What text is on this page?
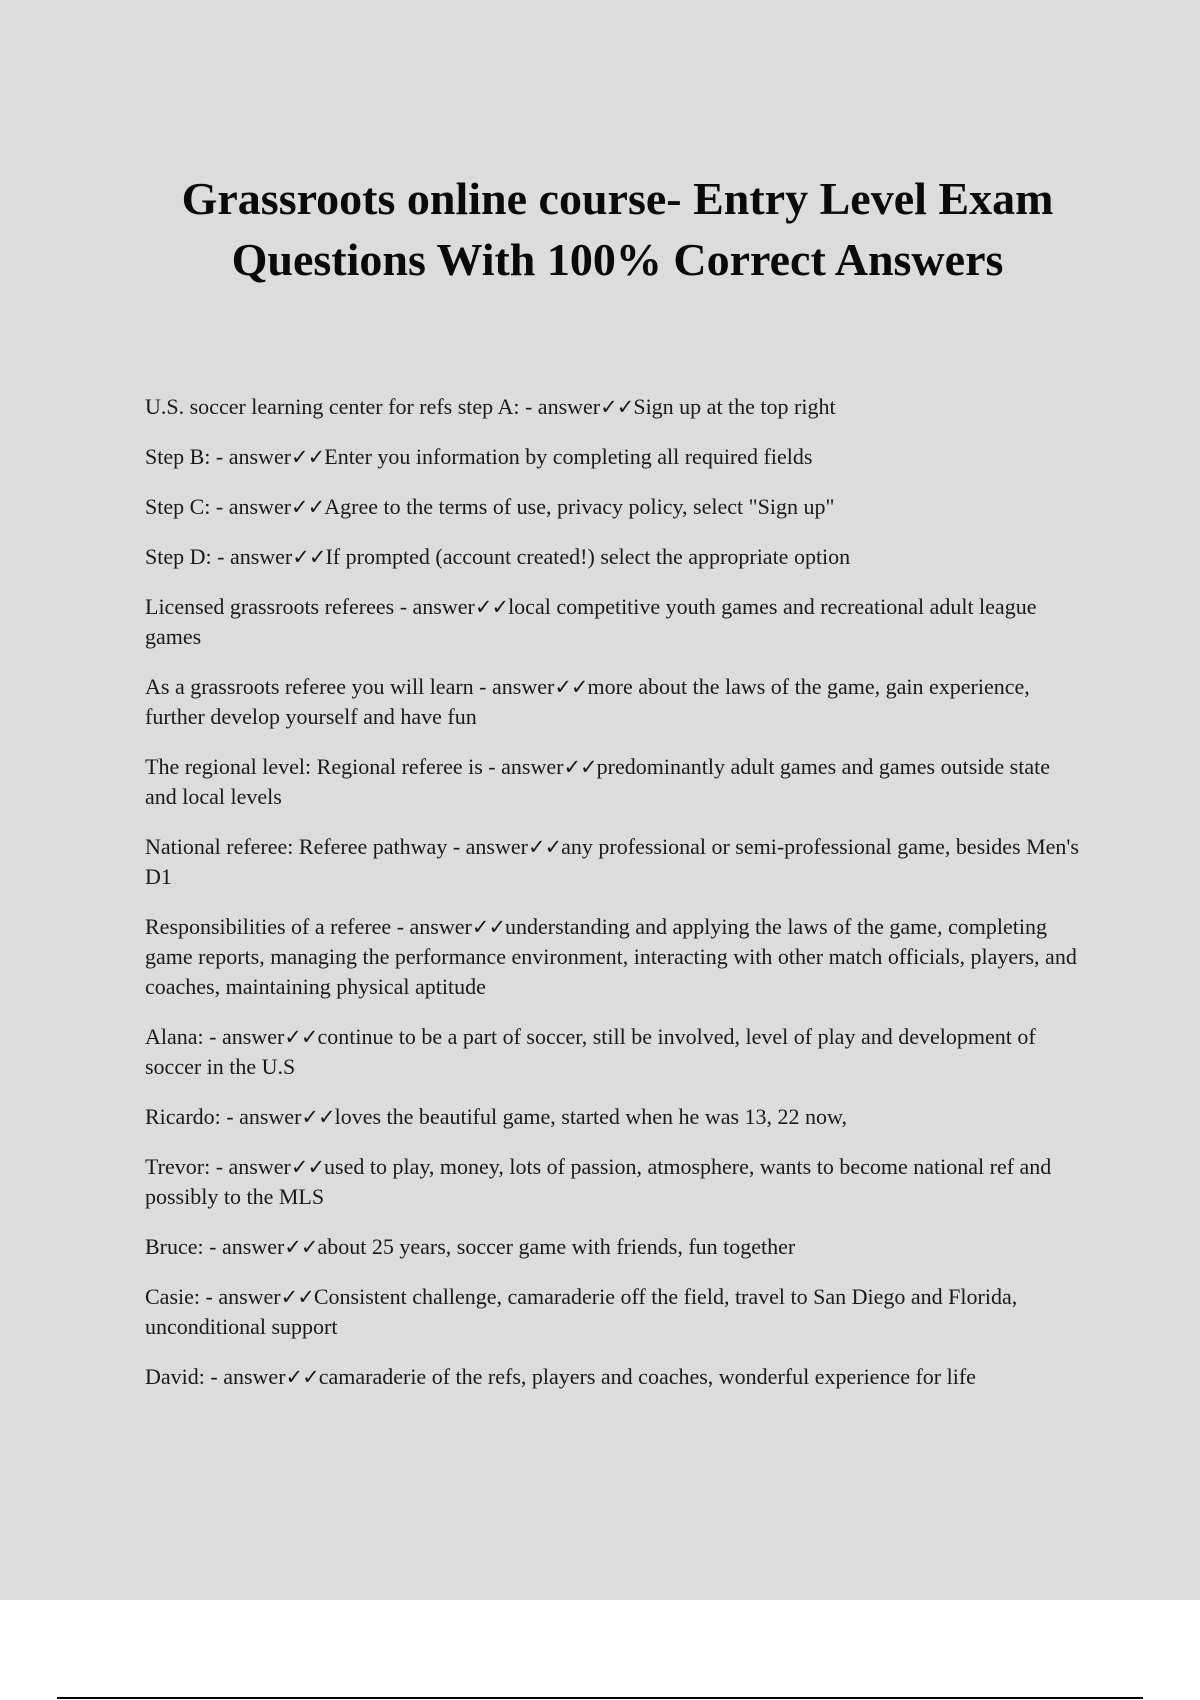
Grassroots online course- Entry Level Exam
Questions With 100% Correct Answers
U.S. soccer learning center for refs step A: - answer✓✓Sign up at the top right
Step B: - answer✓✓Enter you information by completing all required fields
Step C: - answer✓✓Agree to the terms of use, privacy policy, select "Sign up"
Step D: - answer✓✓If prompted (account created!) select the appropriate option
Licensed grassroots referees - answer✓✓local competitive youth games and recreational adult league games
As a grassroots referee you will learn - answer✓✓more about the laws of the game, gain experience, further develop yourself and have fun
The regional level: Regional referee is - answer✓✓predominantly adult games and games outside state and local levels
National referee: Referee pathway - answer✓✓any professional or semi-professional game, besides Men's D1
Responsibilities of a referee - answer✓✓understanding and applying the laws of the game, completing game reports, managing the performance environment, interacting with other match officials, players, and coaches, maintaining physical aptitude
Alana: - answer✓✓continue to be a part of soccer, still be involved, level of play and development of soccer in the U.S
Ricardo: - answer✓✓loves the beautiful game, started when he was 13, 22 now,
Trevor: - answer✓✓used to play, money, lots of passion, atmosphere, wants to become national ref and possibly to the MLS
Bruce: - answer✓✓about 25 years, soccer game with friends, fun together
Casie: - answer✓✓Consistent challenge, camaraderie off the field, travel to San Diego and Florida, unconditional support
David: - answer✓✓camaraderie of the refs, players and coaches, wonderful experience for life
